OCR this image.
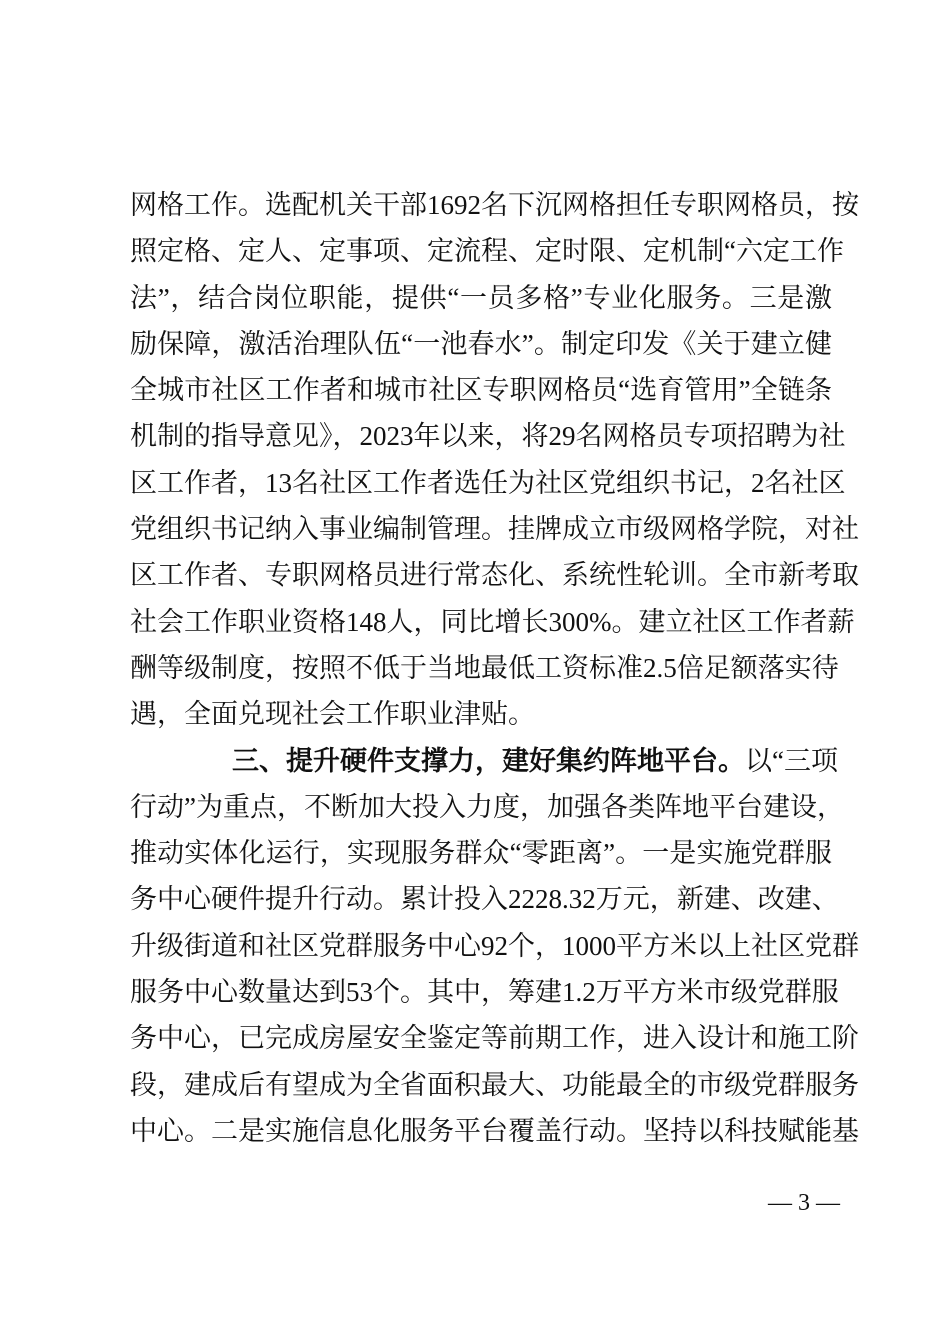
网格工作。选配机关干部1692名下沉网格担任专职网格员，按
照定格、定人、定事项、定流程、定时限、定机制“六定工作
法”，结合岗位职能，提供“一员多格”专业化服务。三是激
励保障，激活治理队伍“一池春水”。制定印发《关于建立健
全城市社区工作者和城市社区专职网格员“选育管用”全链条
机制的指导意见》，2023年以来，将29名网格员专项招聘为社
区工作者，13名社区工作者选任为社区党组织书记，2名社区
党组织书记纳入事业编制管理。挂牌成立市级网格学院，对社
区工作者、专职网格员进行常态化、系统性轮训。全市新考取
社会工作职业资格148人，同比增长300%。建立社区工作者薪
酬等级制度，按照不低于当地最低工资标准2.5倍足额落实待
遇，全面兑现社会工作职业津贴。
三、提升硬件支撑力，建好集约阵地平台。以“三项
行动”为重点，不断加大投入力度，加强各类阵地平台建设，
推动实体化运行，实现服务群众“零距离”。一是实施党群服
务中心硬件提升行动。累计投入2228.32万元，新建、改建、
升级街道和社区党群服务中心92个，1000平方米以上社区党群
服务中心数量达到53个。其中，筹建1.2万平方米市级党群服
务中心，已完成房屋安全鉴定等前期工作，进入设计和施工阶
段，建成后有望成为全省面积最大、功能最全的市级党群服务
中心。二是实施信息化服务平台覆盖行动。坚持以科技赋能基
— 3 —
